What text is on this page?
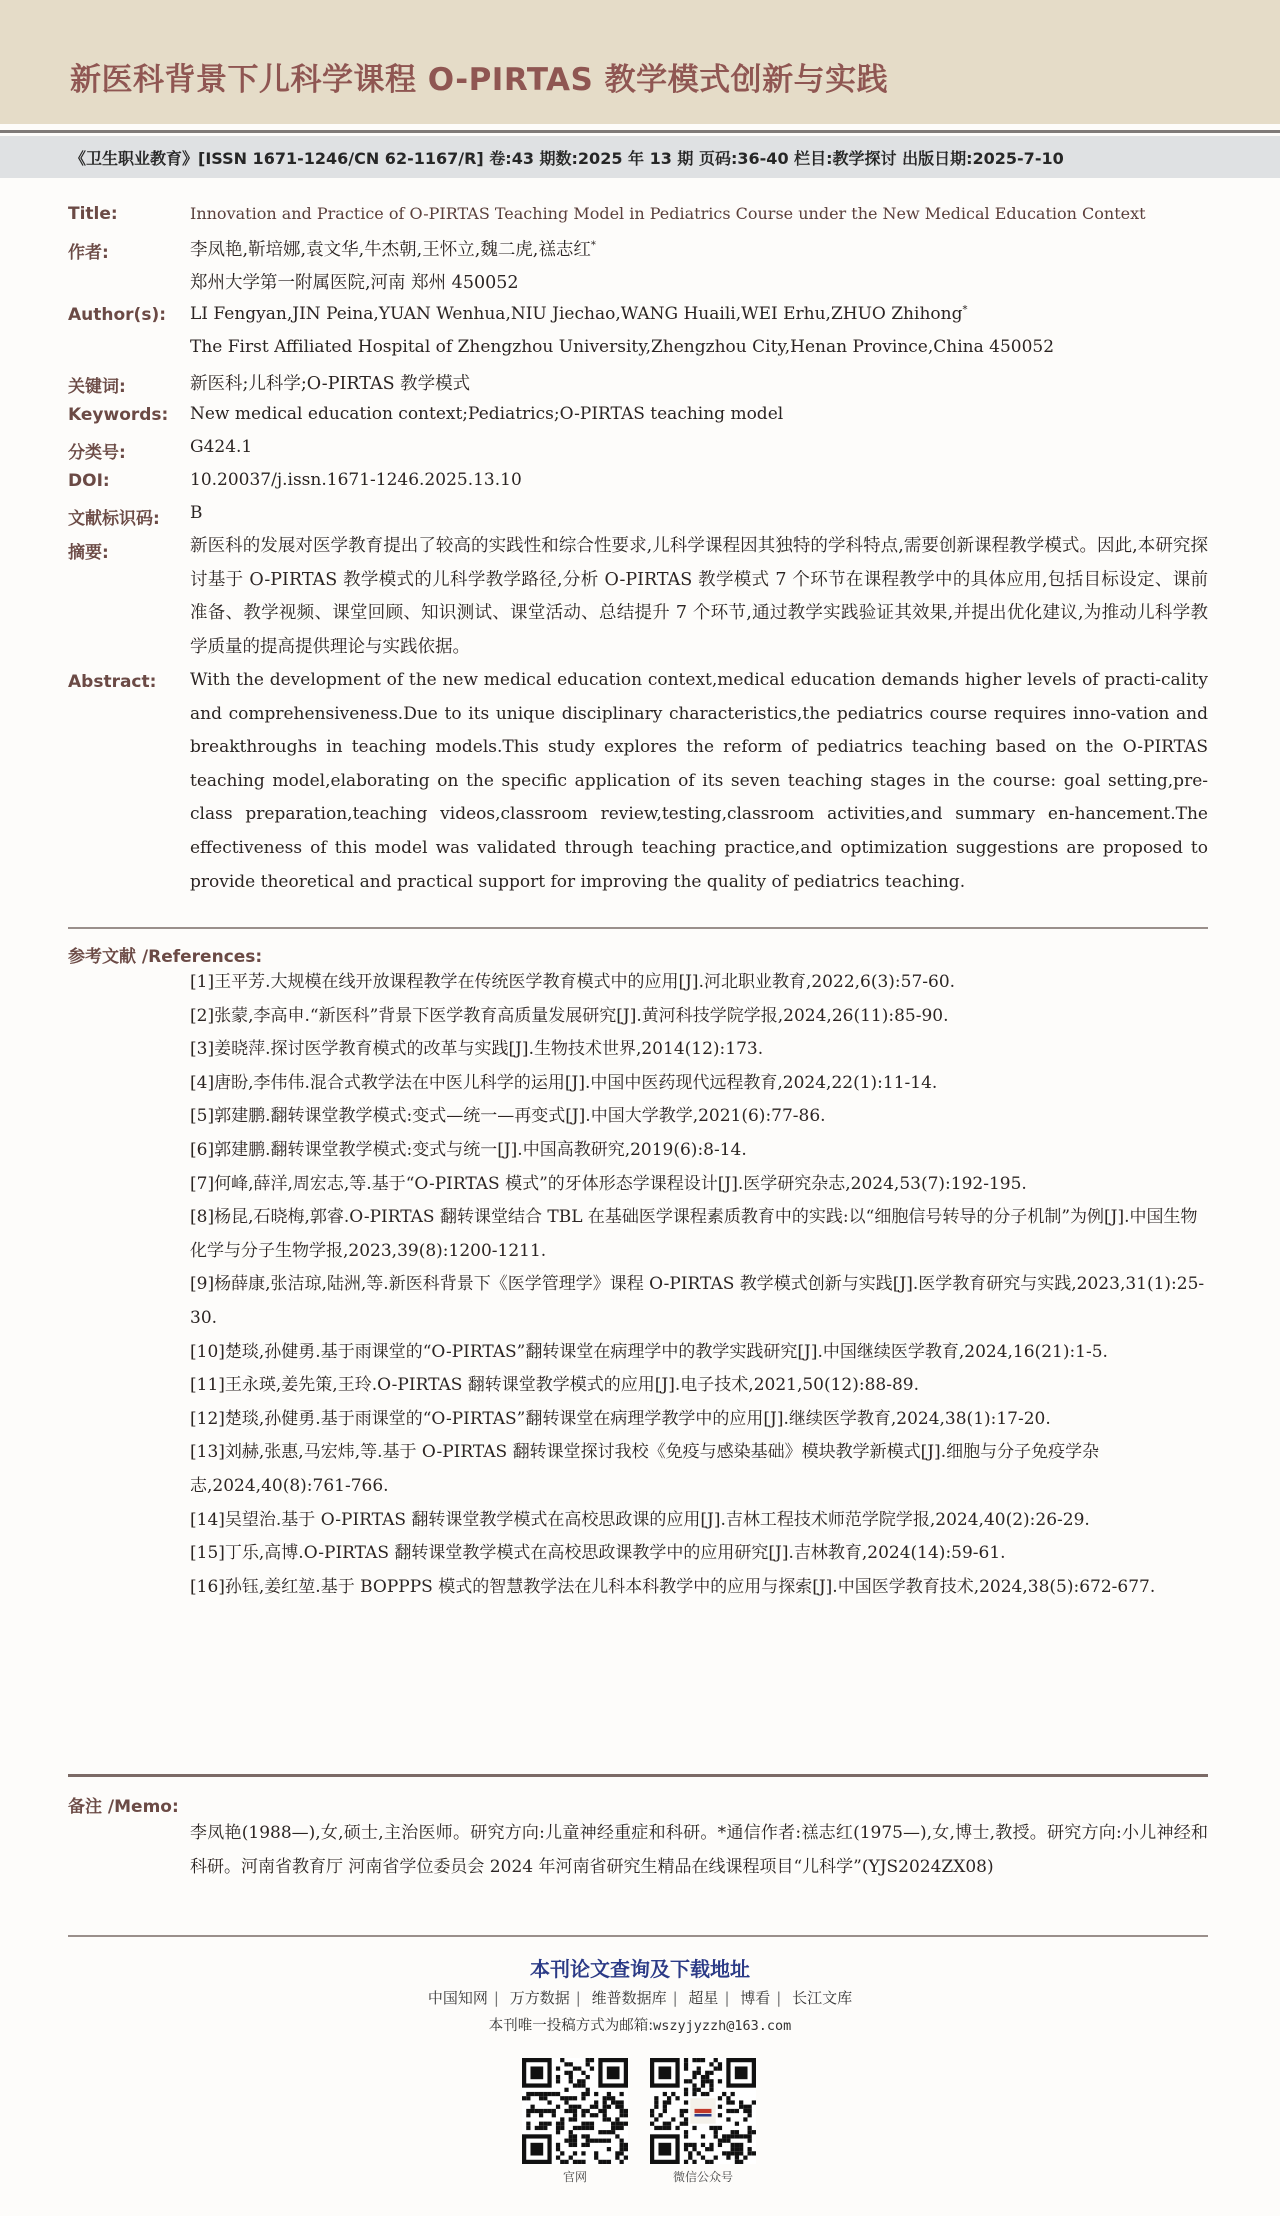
新医科背景下儿科学课程 O-PIRTAS 教学模式创新与实践
《卫生职业教育》[ISSN 1671-1246/CN 62-1167/R] 卷:43 期数:2025 年 13 期 页码:36-40 栏目:教学探讨 出版日期:2025-7-10
Title:	Innovation and Practice of O-PIRTAS Teaching Model in Pediatrics Course under the New Medical Education Context
作者:	李凤艳,靳培娜,袁文华,牛杰朝,王怀立,魏二虎,禚志红*
郑州大学第一附属医院,河南 郑州 450052
Author(s): LI Fengyan,JIN Peina,YUAN Wenhua,NIU Jiechao,WANG Huaili,WEI Erhu,ZHUO Zhihong*
The First Affiliated Hospital of Zhengzhou University,Zhengzhou City,Henan Province,China 450052
关键词:	新医科;儿科学;O-PIRTAS 教学模式
Keywords: New medical education context;Pediatrics;O-PIRTAS teaching model
分类号:	G424.1
DOI:	10.20037/j.issn.1671-1246.2025.13.10
文献标识码: B
摘要:	新医科的发展对医学教育提出了较高的实践性和综合性要求,儿科学课程因其独特的学科特点,需要创新课程教学模式。因此,本研究探讨基于 O-PIRTAS 教学模式的儿科学教学路径,分析 O-PIRTAS 教学模式 7 个环节在课程教学中的具体应用,包括目标设定、课前准备、教学视频、课堂回顾、知识测试、课堂活动、总结提升 7 个环节,通过教学实践验证其效果,并提出优化建议,为推动儿科学教学质量的提高提供理论与实践依据。
Abstract: With the development of the new medical education context,medical education demands higher levels of practi-cality and comprehensiveness.Due to its unique disciplinary characteristics,the pediatrics course requires inno-vation and breakthroughs in teaching models.This study explores the reform of pediatrics teaching based on the O-PIRTAS teaching model,elaborating on the specific application of its seven teaching stages in the course: goal setting,pre-class preparation,teaching videos,classroom review,testing,classroom activities,and summary en-hancement.The effectiveness of this model was validated through teaching practice,and optimization suggestions are proposed to provide theoretical and practical support for improving the quality of pediatrics teaching.
参考文献 /References:
[1]王平芳.大规模在线开放课程教学在传统医学教育模式中的应用[J].河北职业教育,2022,6(3):57-60.
[2]张蒙,李高申.“新医科”背景下医学教育高质量发展研究[J].黄河科技学院学报,2024,26(11):85-90.
[3]姜晓萍.探讨医学教育模式的改革与实践[J].生物技术世界,2014(12):173.
[4]唐盼,李伟伟.混合式教学法在中医儿科学的运用[J].中国中医药现代远程教育,2024,22(1):11-14.
[5]郭建鹏.翻转课堂教学模式:变式—统一—再变式[J].中国大学教学,2021(6):77-86.
[6]郭建鹏.翻转课堂教学模式:变式与统一[J].中国高教研究,2019(6):8-14.
[7]何峰,薛洋,周宏志,等.基于“O-PIRTAS 模式”的牙体形态学课程设计[J].医学研究杂志,2024,53(7):192-195.
[8]杨昆,石晓梅,郭睿.O-PIRTAS 翻转课堂结合 TBL 在基础医学课程素质教育中的实践:以“细胞信号转导的分子机制”为例[J].中国生物化学与分子生物学报,2023,39(8):1200-1211.
[9]杨薛康,张洁琼,陆洲,等.新医科背景下《医学管理学》课程 O-PIRTAS 教学模式创新与实践[J].医学教育研究与实践,2023,31(1):25-30.
[10]楚琰,孙健勇.基于雨课堂的“O-PIRTAS”翻转课堂在病理学中的教学实践研究[J].中国继续医学教育,2024,16(21):1-5.
[11]王永瑛,姜先策,王玲.O-PIRTAS 翻转课堂教学模式的应用[J].电子技术,2021,50(12):88-89.
[12]楚琰,孙健勇.基于雨课堂的“O-PIRTAS”翻转课堂在病理学教学中的应用[J].继续医学教育,2024,38(1):17-20.
[13]刘赫,张惠,马宏炜,等.基于 O-PIRTAS 翻转课堂探讨我校《免疫与感染基础》模块教学新模式[J].细胞与分子免疫学杂志,2024,40(8):761-766.
[14]吴望治.基于 O-PIRTAS 翻转课堂教学模式在高校思政课的应用[J].吉林工程技术师范学院学报,2024,40(2):26-29.
[15]丁乐,高博.O-PIRTAS 翻转课堂教学模式在高校思政课教学中的应用研究[J].吉林教育,2024(14):59-61.
[16]孙钰,姜红堃.基于 BOPPPS 模式的智慧教学法在儿科本科教学中的应用与探索[J].中国医学教育技术,2024,38(5):672-677.
备注 /Memo:
李凤艳(1988—),女,硕士,主治医师。研究方向:儿童神经重症和科研。*通信作者:禚志红(1975—),女,博士,教授。研究方向:小儿神经和科研。河南省教育厅 河南省学位委员会 2024 年河南省研究生精品在线课程项目“儿科学”(YJS2024ZX08)
本刊论文查询及下载地址
中国知网 | 万方数据 | 维普数据库 | 超星 | 博看 | 长江文库
本刊唯一投稿方式为邮箱:wszyjyzzh@163.com
官网	微信公众号
